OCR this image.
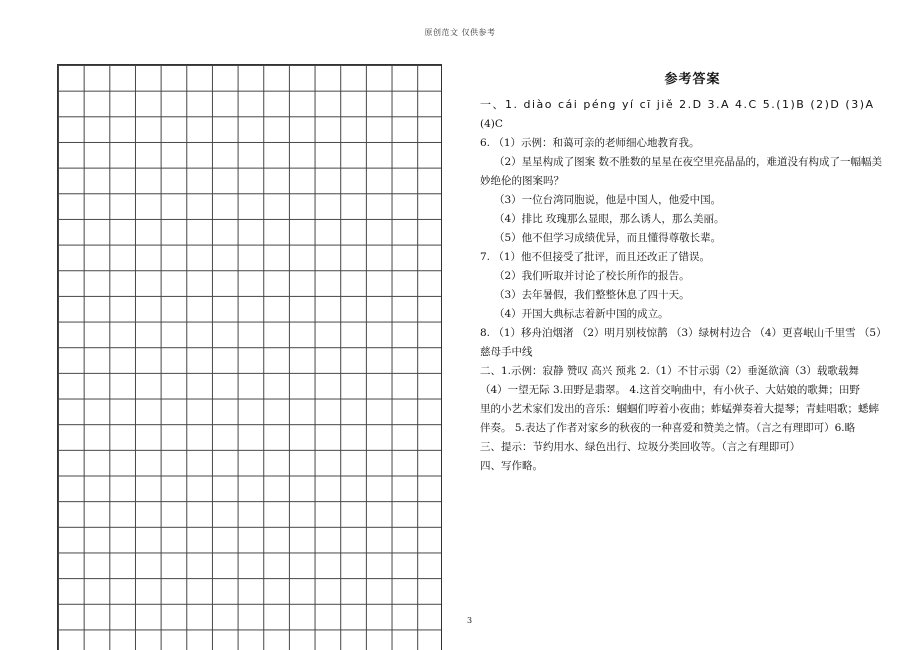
原创范文 仅供参考
3
参考答案

一、1. diào cái péng yí cī jiě 2.D 3.A 4.C 5.(1)B (2)D (3)A

(4)C

6. （1）示例：和蔼可亲的老师细心地教育我。

（2）星星构成了图案 数不胜数的星星在夜空里亮晶晶的，难道没有构成了一幅幅美

妙绝伦的图案吗？

（3）一位台湾同胞说，他是中国人，他爱中国。

（4）排比 玫瑰那么显眼，那么诱人，那么美丽。

（5）他不但学习成绩优异，而且懂得尊敬长辈。

7. （1）他不但接受了批评，而且还改正了错误。

（2）我们听取并讨论了校长所作的报告。

（3）去年暑假，我们整整休息了四十天。

（4）开国大典标志着新中国的成立。

8. （1）移舟泊烟渚 （2）明月别枝惊鹊 （3）绿树村边合 （4）更喜岷山千里雪 （5）

慈母手中线

二、1.示例：寂静 赞叹 高兴 预兆 2.（1）不甘示弱（2）垂涎欲滴（3）载歌载舞

（4）一望无际 3.田野是翡翠。 4.这首交响曲中，有小伙子、大姑娘的歌舞；田野

里的小艺术家们发出的音乐：蝈蝈们哼着小夜曲；蚱蜢弹奏着大提琴；青蛙唱歌；蟋蟀

伴奏。 5.表达了作者对家乡的秋夜的一种喜爱和赞美之情。（言之有理即可）6.略

三、提示：节约用水、绿色出行、垃圾分类回收等。（言之有理即可）

四、写作略。
